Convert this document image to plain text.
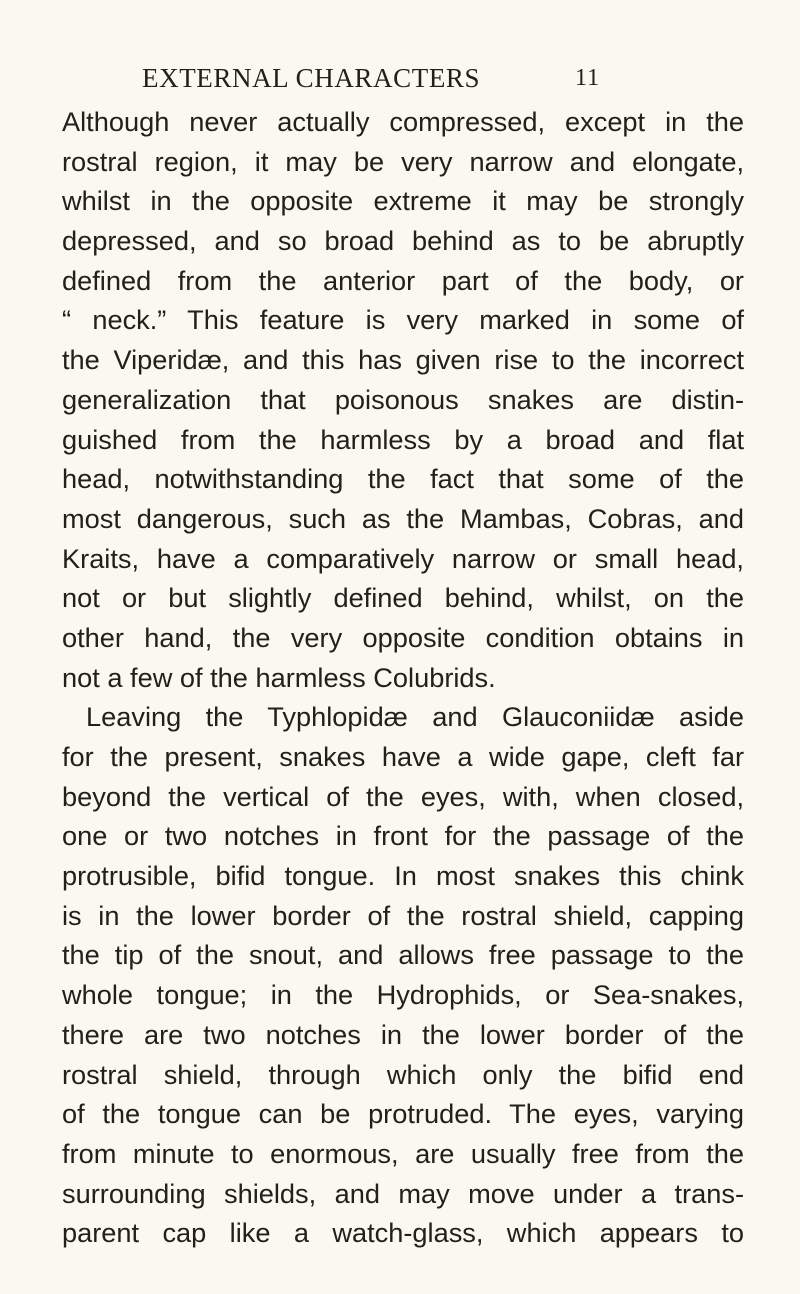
EXTERNAL CHARACTERS	11
Although never actually compressed, except in the
rostral region, it may be very narrow and elongate,
whilst in the opposite extreme it may be strongly
depressed, and so broad behind as to be abruptly
defined from the anterior part of the body, or
“ neck.” This feature is very marked in some of
the Viperidæ, and this has given rise to the incorrect
generalization that poisonous snakes are distin-
guished from the harmless by a broad and flat
head, notwithstanding the fact that some of the
most dangerous, such as the Mambas, Cobras, and
Kraits, have a comparatively narrow or small head,
not or but slightly defined behind, whilst, on the
other hand, the very opposite condition obtains in
not a few of the harmless Colubrids.
Leaving the Typhlopidæ and Glauconiidæ aside
for the present, snakes have a wide gape, cleft far
beyond the vertical of the eyes, with, when closed,
one or two notches in front for the passage of the
protrusible, bifid tongue. In most snakes this chink
is in the lower border of the rostral shield, capping
the tip of the snout, and allows free passage to the
whole tongue; in the Hydrophids, or Sea-snakes,
there are two notches in the lower border of the
rostral shield, through which only the bifid end
of the tongue can be protruded. The eyes, varying
from minute to enormous, are usually free from the
surrounding shields, and may move under a trans-
parent cap like a watch-glass, which appears to
